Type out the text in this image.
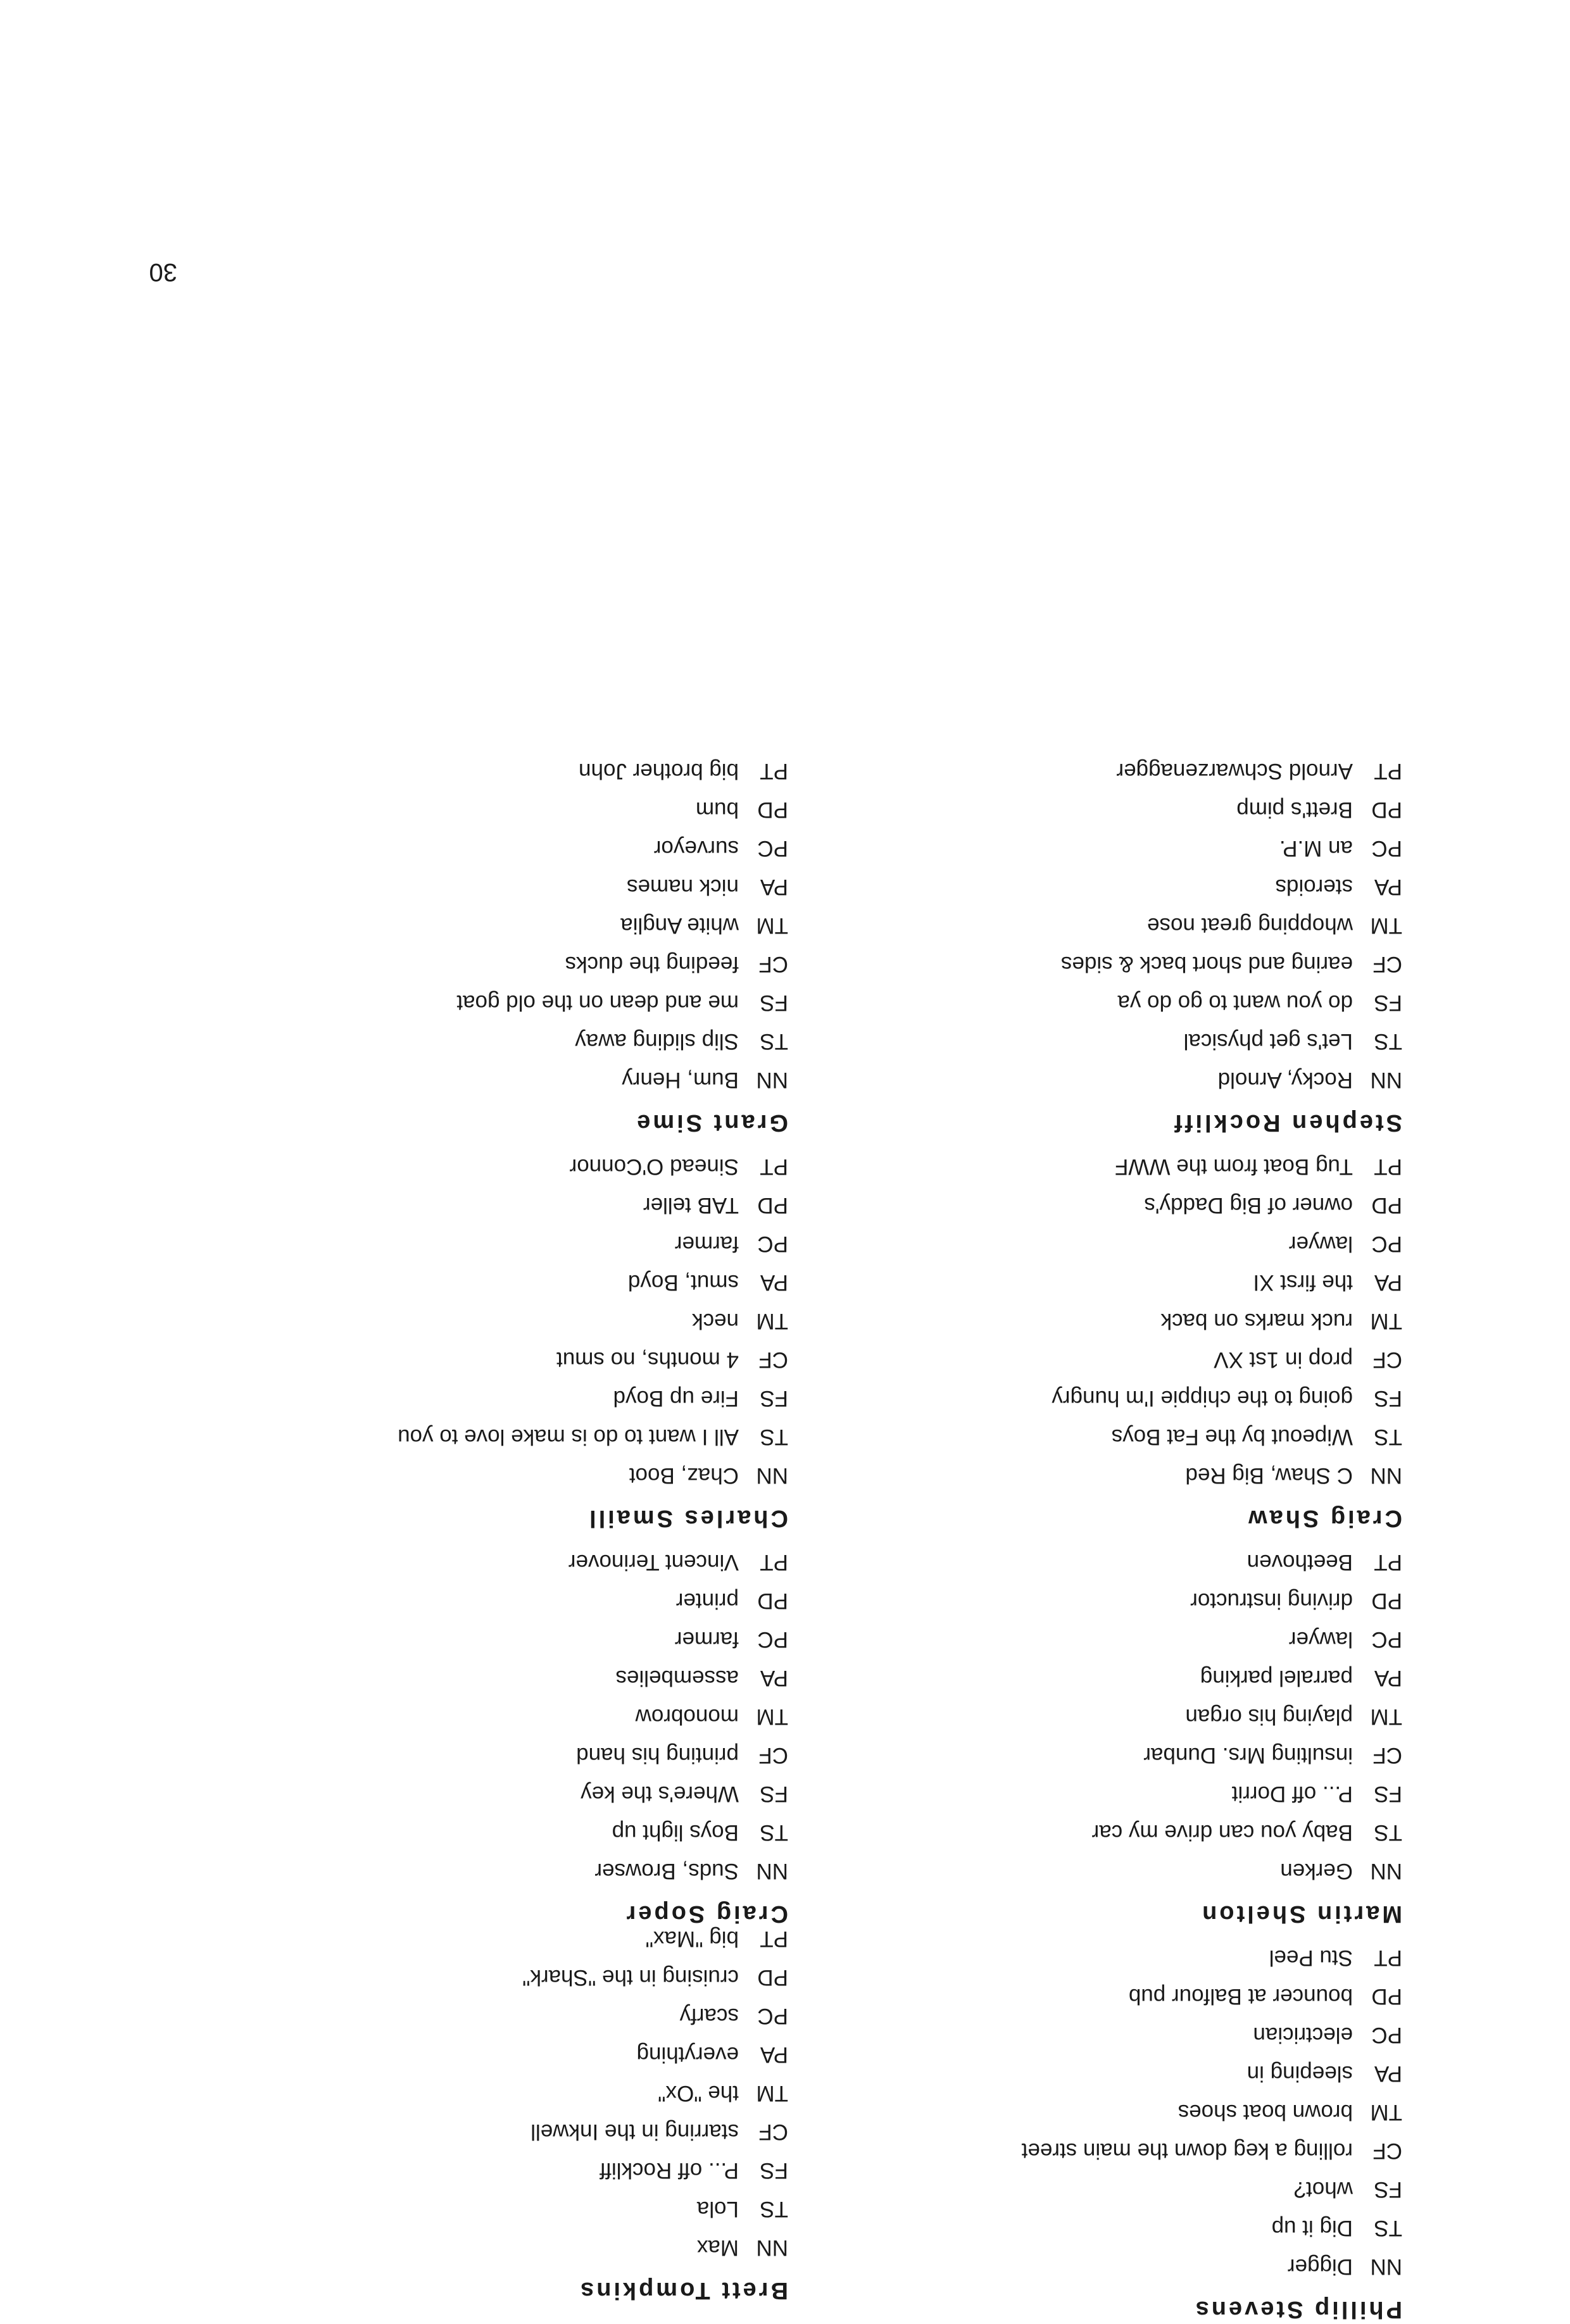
30
Stephen Rockliff
NN
Rocky, Arnold
TS
Let's get physical
FS
do you want to go do ya
CF
earing and short back & sides
TM
whopping great nose
PA
steroids
PC
an M.P.
PD
Brett's pimp
PT
Arnold Schwarzenagger
Craig Shaw
NN
C Shaw, Big Red
TS
Wipeout by the Fat Boys
FS
going to the chippie I'm hungry
CF
prop in 1st XV
TM
ruck marks on back
PA
the first XI
PC
lawyer
PD
owner of Big Daddy's
PT
Tug Boat from the WWF
Martin Shelton
NN
Gerken
TS
Baby you can drive my car
FS
P... off Dorrit
CF
insulting Mrs. Dunbar
TM
playing his organ
PA
parralel parking
PC
lawyer
PD
driving instructor
PT
Beethoven
Phillip Stevens
NN
Digger
TS
Dig it up
FS
whot?
CF
rolling a keg down the main street
TM
brown boat shoes
PA
sleeping in
PC
electrician
PD
bouncer at Balfour pub
PT
Stu Peel
Grant Sime
NN
Bum, Henry
TS
Slip sliding away
FS
me and dean on the old goat
CF
feeding the ducks
TM
white Anglia
PA
nick names
PC
surveyor
PD
bum
PT
big brother John
Charles Smaill
NN
Chaz, Boot
TS
All I want to do is make love to you
FS
Fire up Boyd
CF
4 months, no smut
TM
neck
PA
smut, Boyd
PC
farmer
PD
TAB teller
PT
Sinead O'Connor
Craig Soper
NN
Suds, Browser
TS
Boys light up
FS
Where's the key
CF
printing his hand
TM
monobrow
PA
assembelies
PC
farmer
PD
printer
PT
Vincent Terinover
Brett Tompkins
NN
Max
TS
Lola
FS
P... off Rockliff
CF
starring in the Inkwell
TM
the "Ox"
PA
everything
PC
scarfy
PD
cruising in the "Shark"
PT
big "Max"
